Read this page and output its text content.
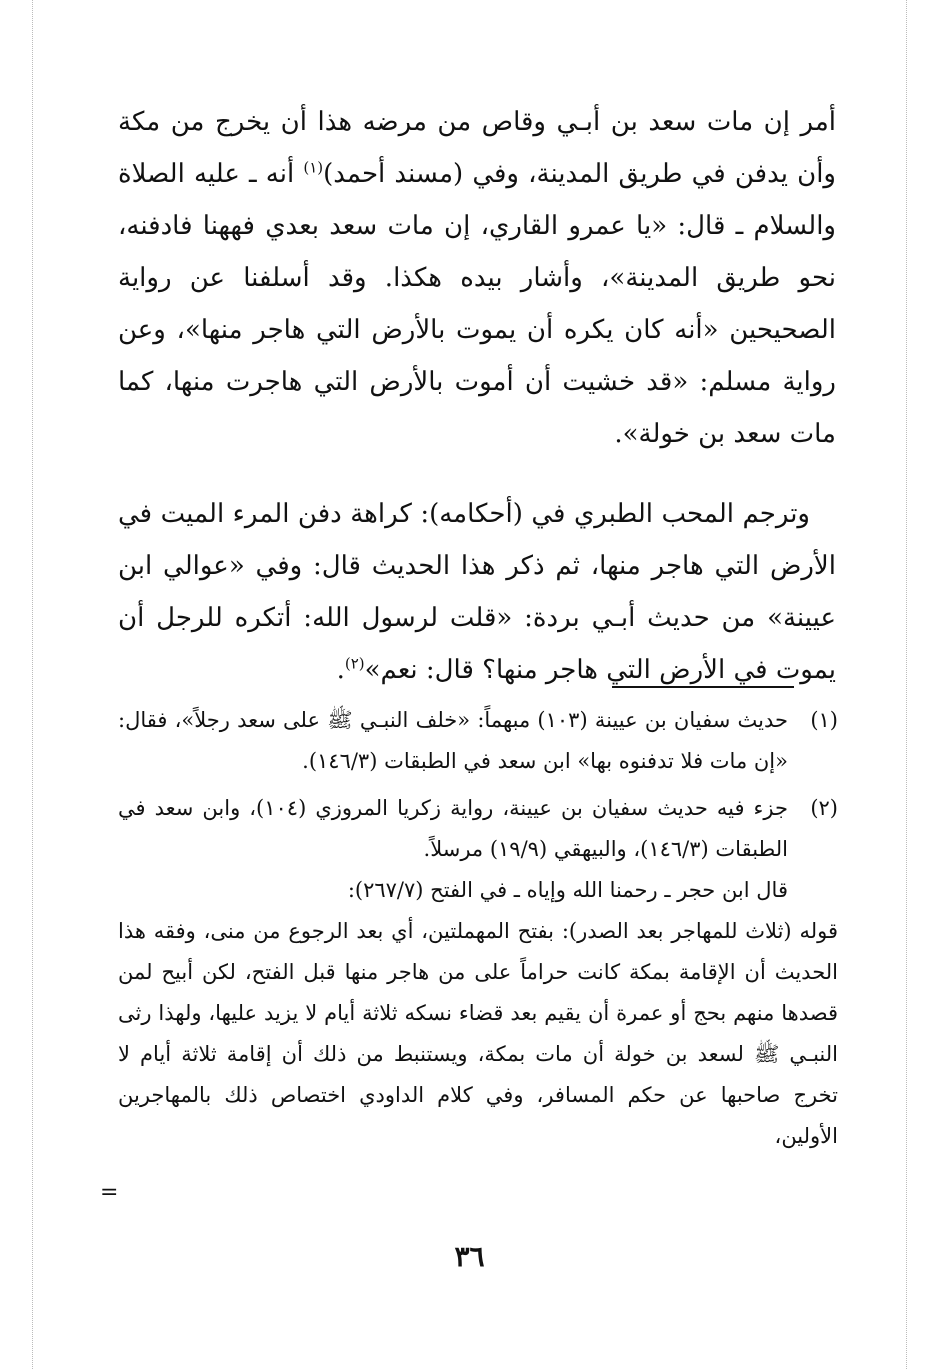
أمر إن مات سعد بن أبـي وقاص من مرضه هذا أن يخرج من مكة وأن يدفن في طريق المدينة، وفي (مسند أحمد)$^{(١)}$ أنه ـ عليه الصلاة والسلام ـ قال: «يا عمرو القاري، إن مات سعد بعدي فههنا فادفنه، نحو طريق المدينة»، وأشار بيده هكذا. وقد أسلفنا عن رواية الصحيحين «أنه كان يكره أن يموت بالأرض التي هاجر منها»، وعن رواية مسلم: «قد خشيت أن أموت بالأرض التي هاجرت منها، كما مات سعد بن خولة».

وترجم المحب الطبري في (أحكامه): كراهة دفن المرء الميت في الأرض التي هاجر منها، ثم ذكر هذا الحديث قال: وفي «عوالي ابن عيينة» من حديث أبـي بردة: «قلت لرسول الله: أتكره للرجل أن يموت في الأرض التي هاجر منها؟ قال: نعم»$^{(٢)}$.

(١)
حديث سفيان بن عيينة (١٠٣) مبهماً: «خلف النبـي ﷺ على سعد رجلاً»، فقال: «إن مات فلا تدفنوه بها» ابن سعد في الطبقات (١٤٦/٣).
(٢)
جزء فيه حديث سفيان بن عيينة، رواية زكريا المروزي (١٠٤)، وابن سعد في الطبقات (١٤٦/٣)، والبيهقي (١٩/٩) مرسلاً.
قال ابن حجر ـ رحمنا الله وإياه ـ في الفتح (٢٦٧/٧):
قوله (ثلاث للمهاجر بعد الصدر): بفتح المهملتين، أي بعد الرجوع من منى، وفقه هذا الحديث أن الإقامة بمكة كانت حراماً على من هاجر منها قبل الفتح، لكن أبيح لمن قصدها منهم بحج أو عمرة أن يقيم بعد قضاء نسكه ثلاثة أيام لا يزيد عليها، ولهذا رثى النبـي ﷺ لسعد بن خولة أن مات بمكة، ويستنبط من ذلك أن إقامة ثلاثة أيام لا تخرج صاحبها عن حكم المسافر، وفي كلام الداودي اختصاص ذلك بالمهاجرين الأولين،
=
٣٦
